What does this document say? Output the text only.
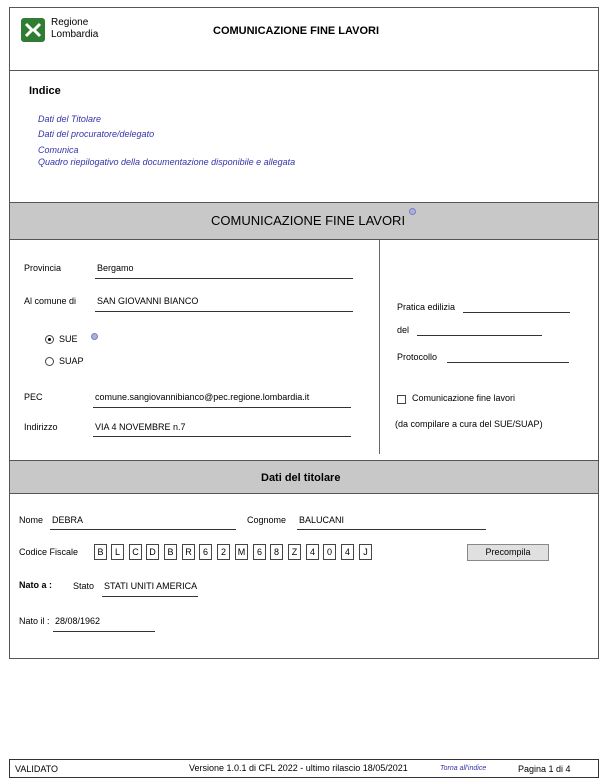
Regione
Lombardia	COMUNICAZIONE FINE LAVORI
Indice
Dati del Titolare
Dati del procuratore/delegato
Comunica
Quadro riepilogativo della documentazione disponibile e allegata
COMUNICAZIONE FINE LAVORI
Provincia	Bergamo
Al comune di SAN GIOVANNI BIANCO
SUE
SUAP
PEC	comune.sangiovannibianco@pec.regione.lombardia.it
Indirizzo	VIA 4 NOVEMBRE n.7
Pratica edilizia
del
Protocollo
Comunicazione fine lavori
(da compilare a cura del SUE/SUAP)
Dati del titolare
Nome DEBRA	Cognome BALUCANI
Codice Fiscale	B	L	C	D	B	R	6	2	M	6	8	Z	4	0	4	J	Precompila
Nato a : Stato STATI UNITI AMERICA
Nato il : 28/08/1962
VALIDATO	Versione 1.0.1 di CFL 2022 - ultimo rilascio 18/05/2021	Torna all'indice	Pagina 1 di 4
